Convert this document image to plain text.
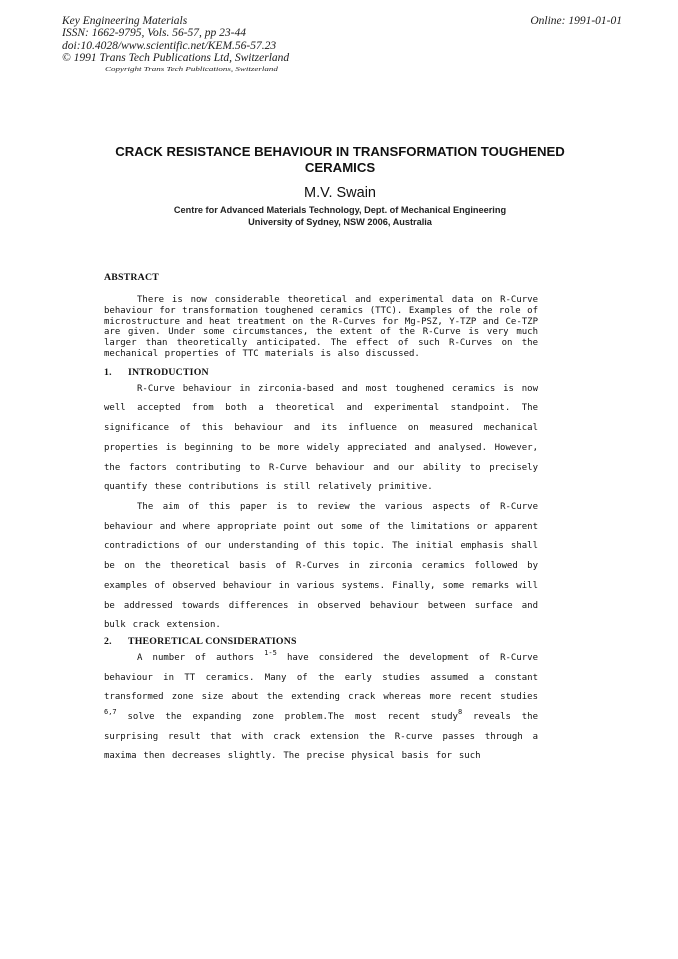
Key Engineering Materials
ISSN: 1662-9795, Vols. 56-57, pp 23-44
doi:10.4028/www.scientific.net/KEM.56-57.23
© 1991 Trans Tech Publications Ltd, Switzerland
Copyright Trans Tech Publications, Switzerland
Online: 1991-01-01
CRACK RESISTANCE BEHAVIOUR IN TRANSFORMATION TOUGHENED
CERAMICS
M.V. Swain
Centre for Advanced Materials Technology, Dept. of Mechanical Engineering
University of Sydney, NSW 2006, Australia
ABSTRACT

There is now considerable theoretical and experimental data on R-Curve behaviour for transformation toughened ceramics (TTC). Examples of the role of microstructure and heat treatment on the R-Curves for Mg-PSZ, Y-TZP and Ce-TZP are given. Under some circumstances, the extent of the R-Curve is very much larger than theoretically anticipated. The effect of such R-Curves on the mechanical properties of TTC materials is also discussed.

1. INTRODUCTION

R-Curve behaviour in zirconia-based and most toughened ceramics is now well accepted from both a theoretical and experimental standpoint. The significance of this behaviour and its influence on measured mechanical properties is beginning to be more widely appreciated and analysed. However, the factors contributing to R-Curve behaviour and our ability to precisely quantify these contributions is still relatively primitive.

The aim of this paper is to review the various aspects of R-Curve behaviour and where appropriate point out some of the limitations or apparent contradictions of our understanding of this topic. The initial emphasis shall be on the theoretical basis of R-Curves in zirconia ceramics followed by examples of observed behaviour in various systems. Finally, some remarks will be addressed towards differences in observed behaviour between surface and bulk crack extension.

2. THEORETICAL CONSIDERATIONS

A number of authors $^{1-5}$ have considered the development of R-Curve behaviour in TT ceramics. Many of the early studies assumed a constant transformed zone size about the extending crack whereas more recent studies $^{6,7}$ solve the expanding zone problem.The most recent study$^8$ reveals the surprising result that with crack extension the R-curve passes through a maxima then decreases slightly. The precise physical basis for such
